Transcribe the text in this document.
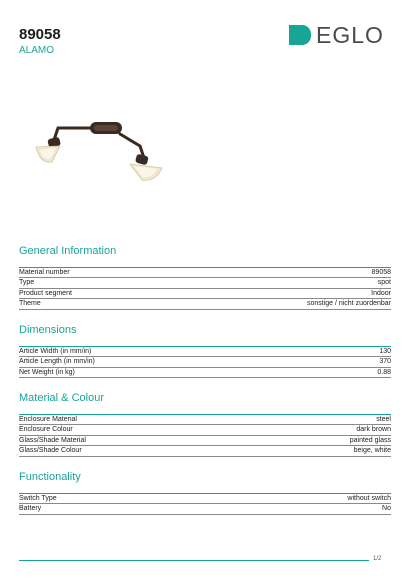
89058
ALAMO
EGLO
General Information
Material number	89058
Type	spot
Product segment	Indoor
Theme	sonstige / nicht zuordenbar
Dimensions
Article Width (in mm/in)	130
Article Length (in mm/in)	370
Net Weight (in kg)	0.88
Material & Colour
Enclosure Material	steel
Enclosure Colour	dark brown
Glass/Shade Material	painted glass
Glass/Shade Colour	beige, white
Functionality
Switch Type	without switch
Battery	No
1/2
